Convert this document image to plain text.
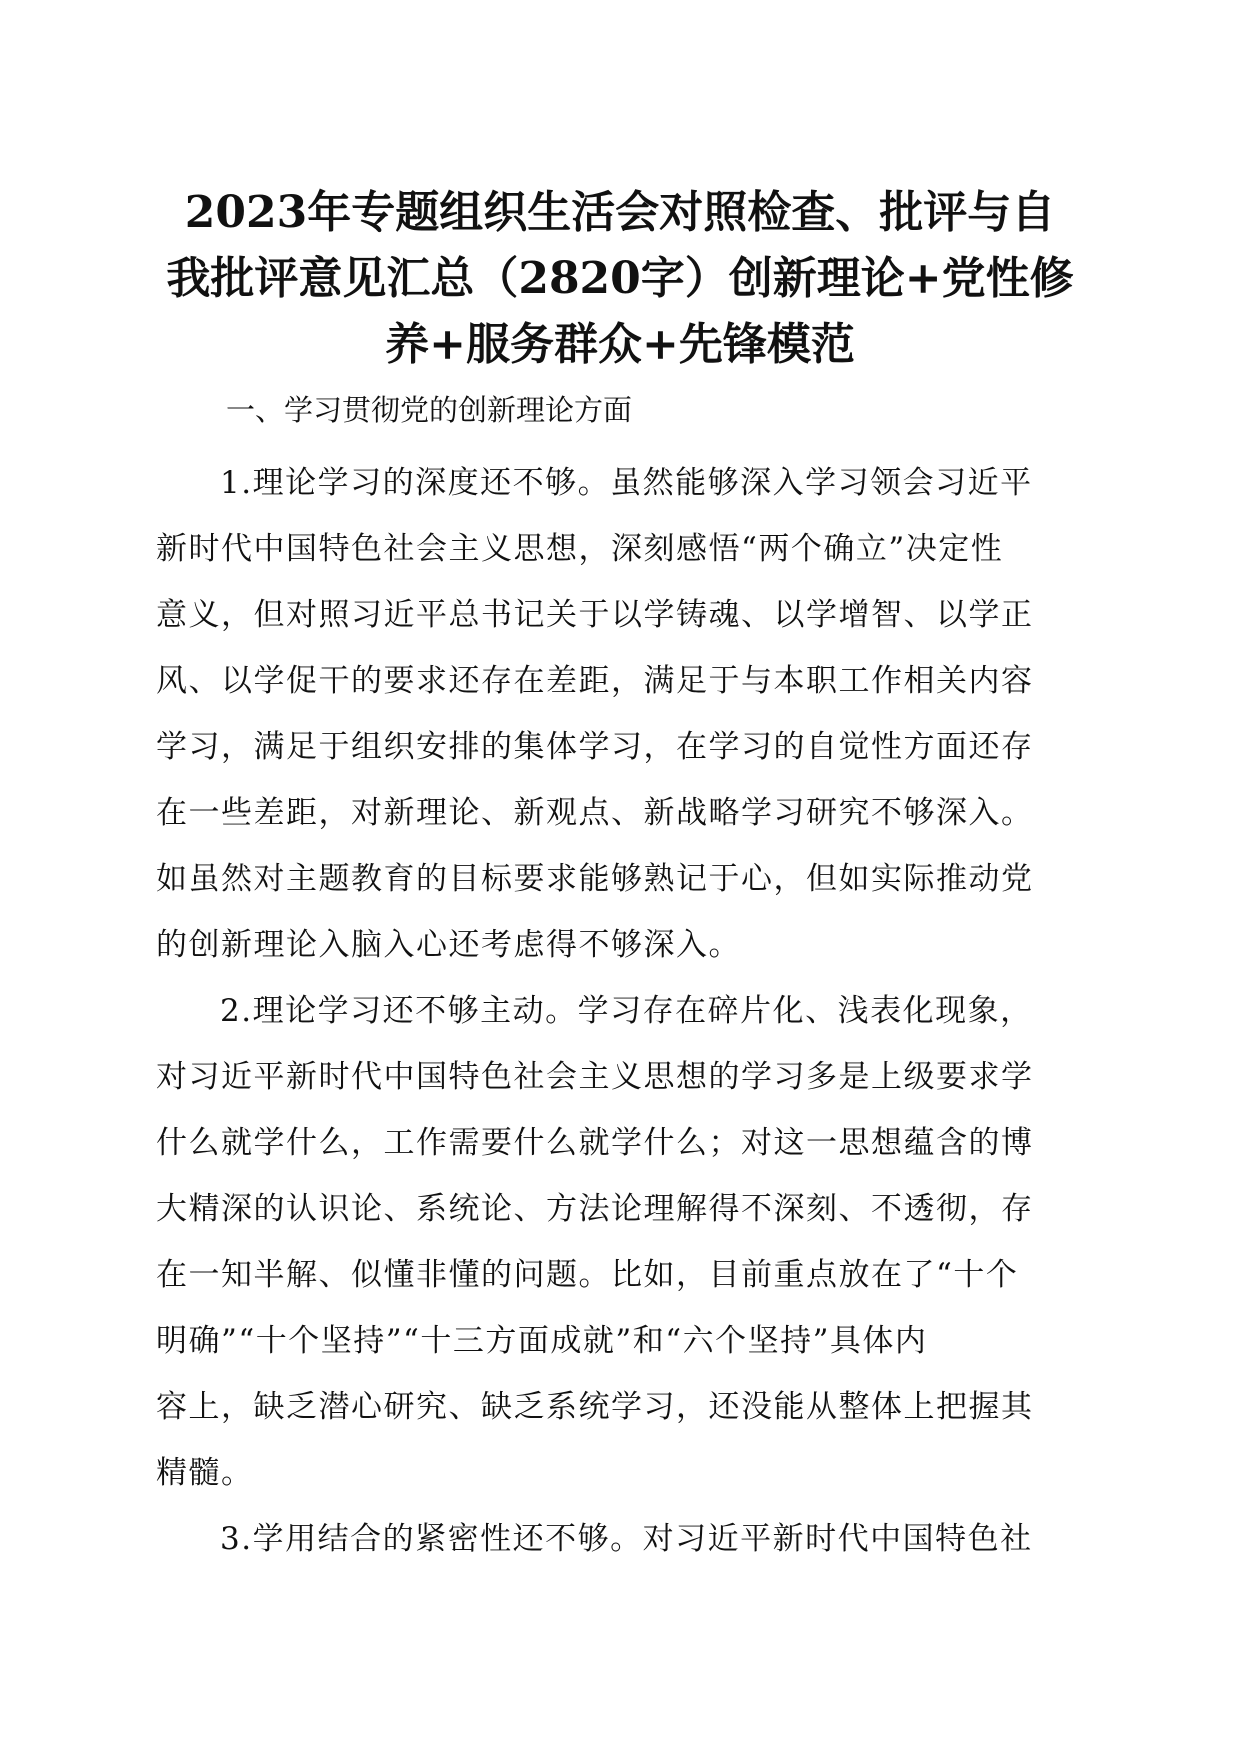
2023年专题组织生活会对照检查、批评与自
我批评意见汇总（2820字）创新理论+党性修
养+服务群众+先锋模范
一、学习贯彻党的创新理论方面
1.理论学习的深度还不够。虽然能够深入学习领会习近平
新时代中国特色社会主义思想，深刻感悟“两个确立”决定性
意义，但对照习近平总书记关于以学铸魂、以学增智、以学正
风、以学促干的要求还存在差距，满足于与本职工作相关内容
学习，满足于组织安排的集体学习，在学习的自觉性方面还存
在一些差距，对新理论、新观点、新战略学习研究不够深入。
如虽然对主题教育的目标要求能够熟记于心，但如实际推动党
的创新理论入脑入心还考虑得不够深入。
2.理论学习还不够主动。学习存在碎片化、浅表化现象，
对习近平新时代中国特色社会主义思想的学习多是上级要求学
什么就学什么，工作需要什么就学什么；对这一思想蕴含的博
大精深的认识论、系统论、方法论理解得不深刻、不透彻，存
在一知半解、似懂非懂的问题。比如，目前重点放在了“十个
明确”“十个坚持”“十三方面成就”和“六个坚持”具体内
容上，缺乏潜心研究、缺乏系统学习，还没能从整体上把握其
精髓。
3.学用结合的紧密性还不够。对习近平新时代中国特色社
